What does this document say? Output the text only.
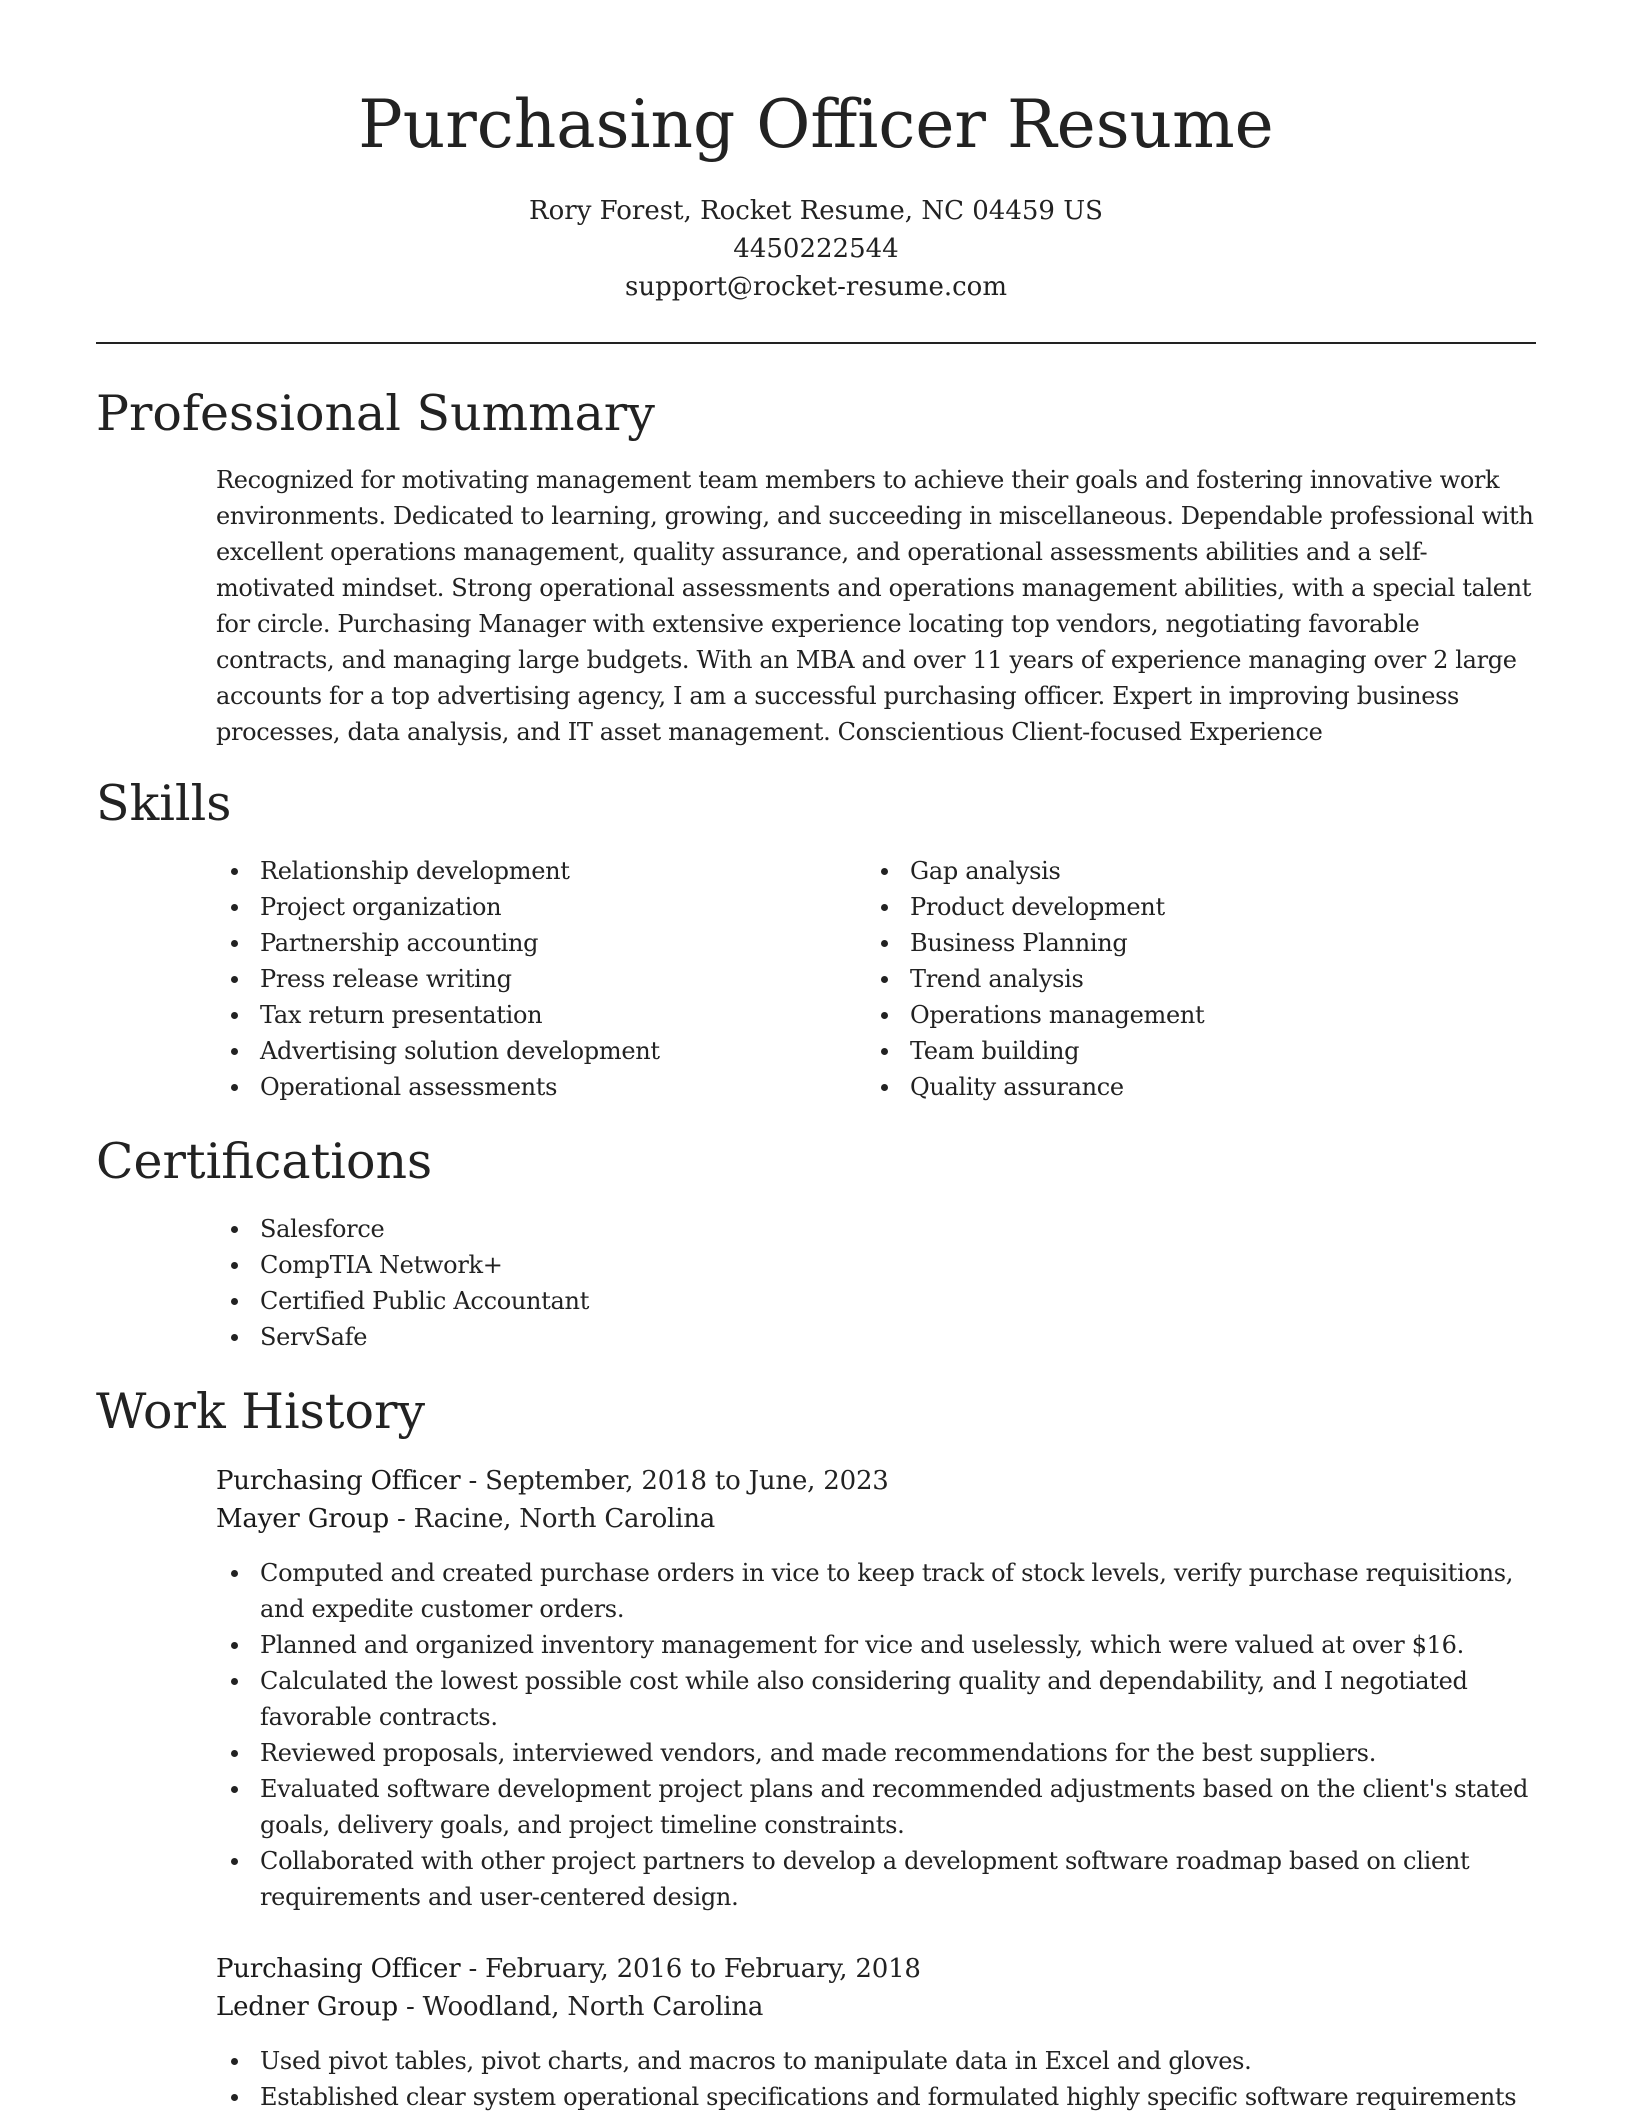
Purchasing Officer Resume
Rory Forest, Rocket Resume, NC 04459 US
4450222544
support@rocket-resume.com
Professional Summary

Recognized for motivating management team members to achieve their goals and fostering innovative work environments. Dedicated to learning, growing, and succeeding in miscellaneous. Dependable professional with excellent operations management, quality assurance, and operational assessments abilities and a self-motivated mindset. Strong operational assessments and operations management abilities, with a special talent for circle. Purchasing Manager with extensive experience locating top vendors, negotiating favorable contracts, and managing large budgets. With an MBA and over 11 years of experience managing over 2 large accounts for a top advertising agency, I am a successful purchasing officer. Expert in improving business processes, data analysis, and IT asset management. Conscientious Client-focused Experience

Skills
Relationship development
Project organization
Partnership accounting
Press release writing
Tax return presentation
Advertising solution development
Operational assessments
Gap analysis
Product development
Business Planning
Trend analysis
Operations management
Team building
Quality assurance
Certifications
Salesforce
CompTIA Network+
Certified Public Accountant
ServSafe
Work History
Purchasing Officer - September, 2018 to June, 2023
Mayer Group - Racine, North Carolina
Computed and created purchase orders in vice to keep track of stock levels, verify purchase requisitions, and expedite customer orders.
Planned and organized inventory management for vice and uselessly, which were valued at over $16.
Calculated the lowest possible cost while also considering quality and dependability, and I negotiated favorable contracts.
Reviewed proposals, interviewed vendors, and made recommendations for the best suppliers.
Evaluated software development project plans and recommended adjustments based on the client's stated goals, delivery goals, and project timeline constraints.
Collaborated with other project partners to develop a development software roadmap based on client requirements and user-centered design.
Purchasing Officer - February, 2016 to February, 2018
Ledner Group - Woodland, North Carolina
Used pivot tables, pivot charts, and macros to manipulate data in Excel and gloves.
Established clear system operational specifications and formulated highly specific software requirements
